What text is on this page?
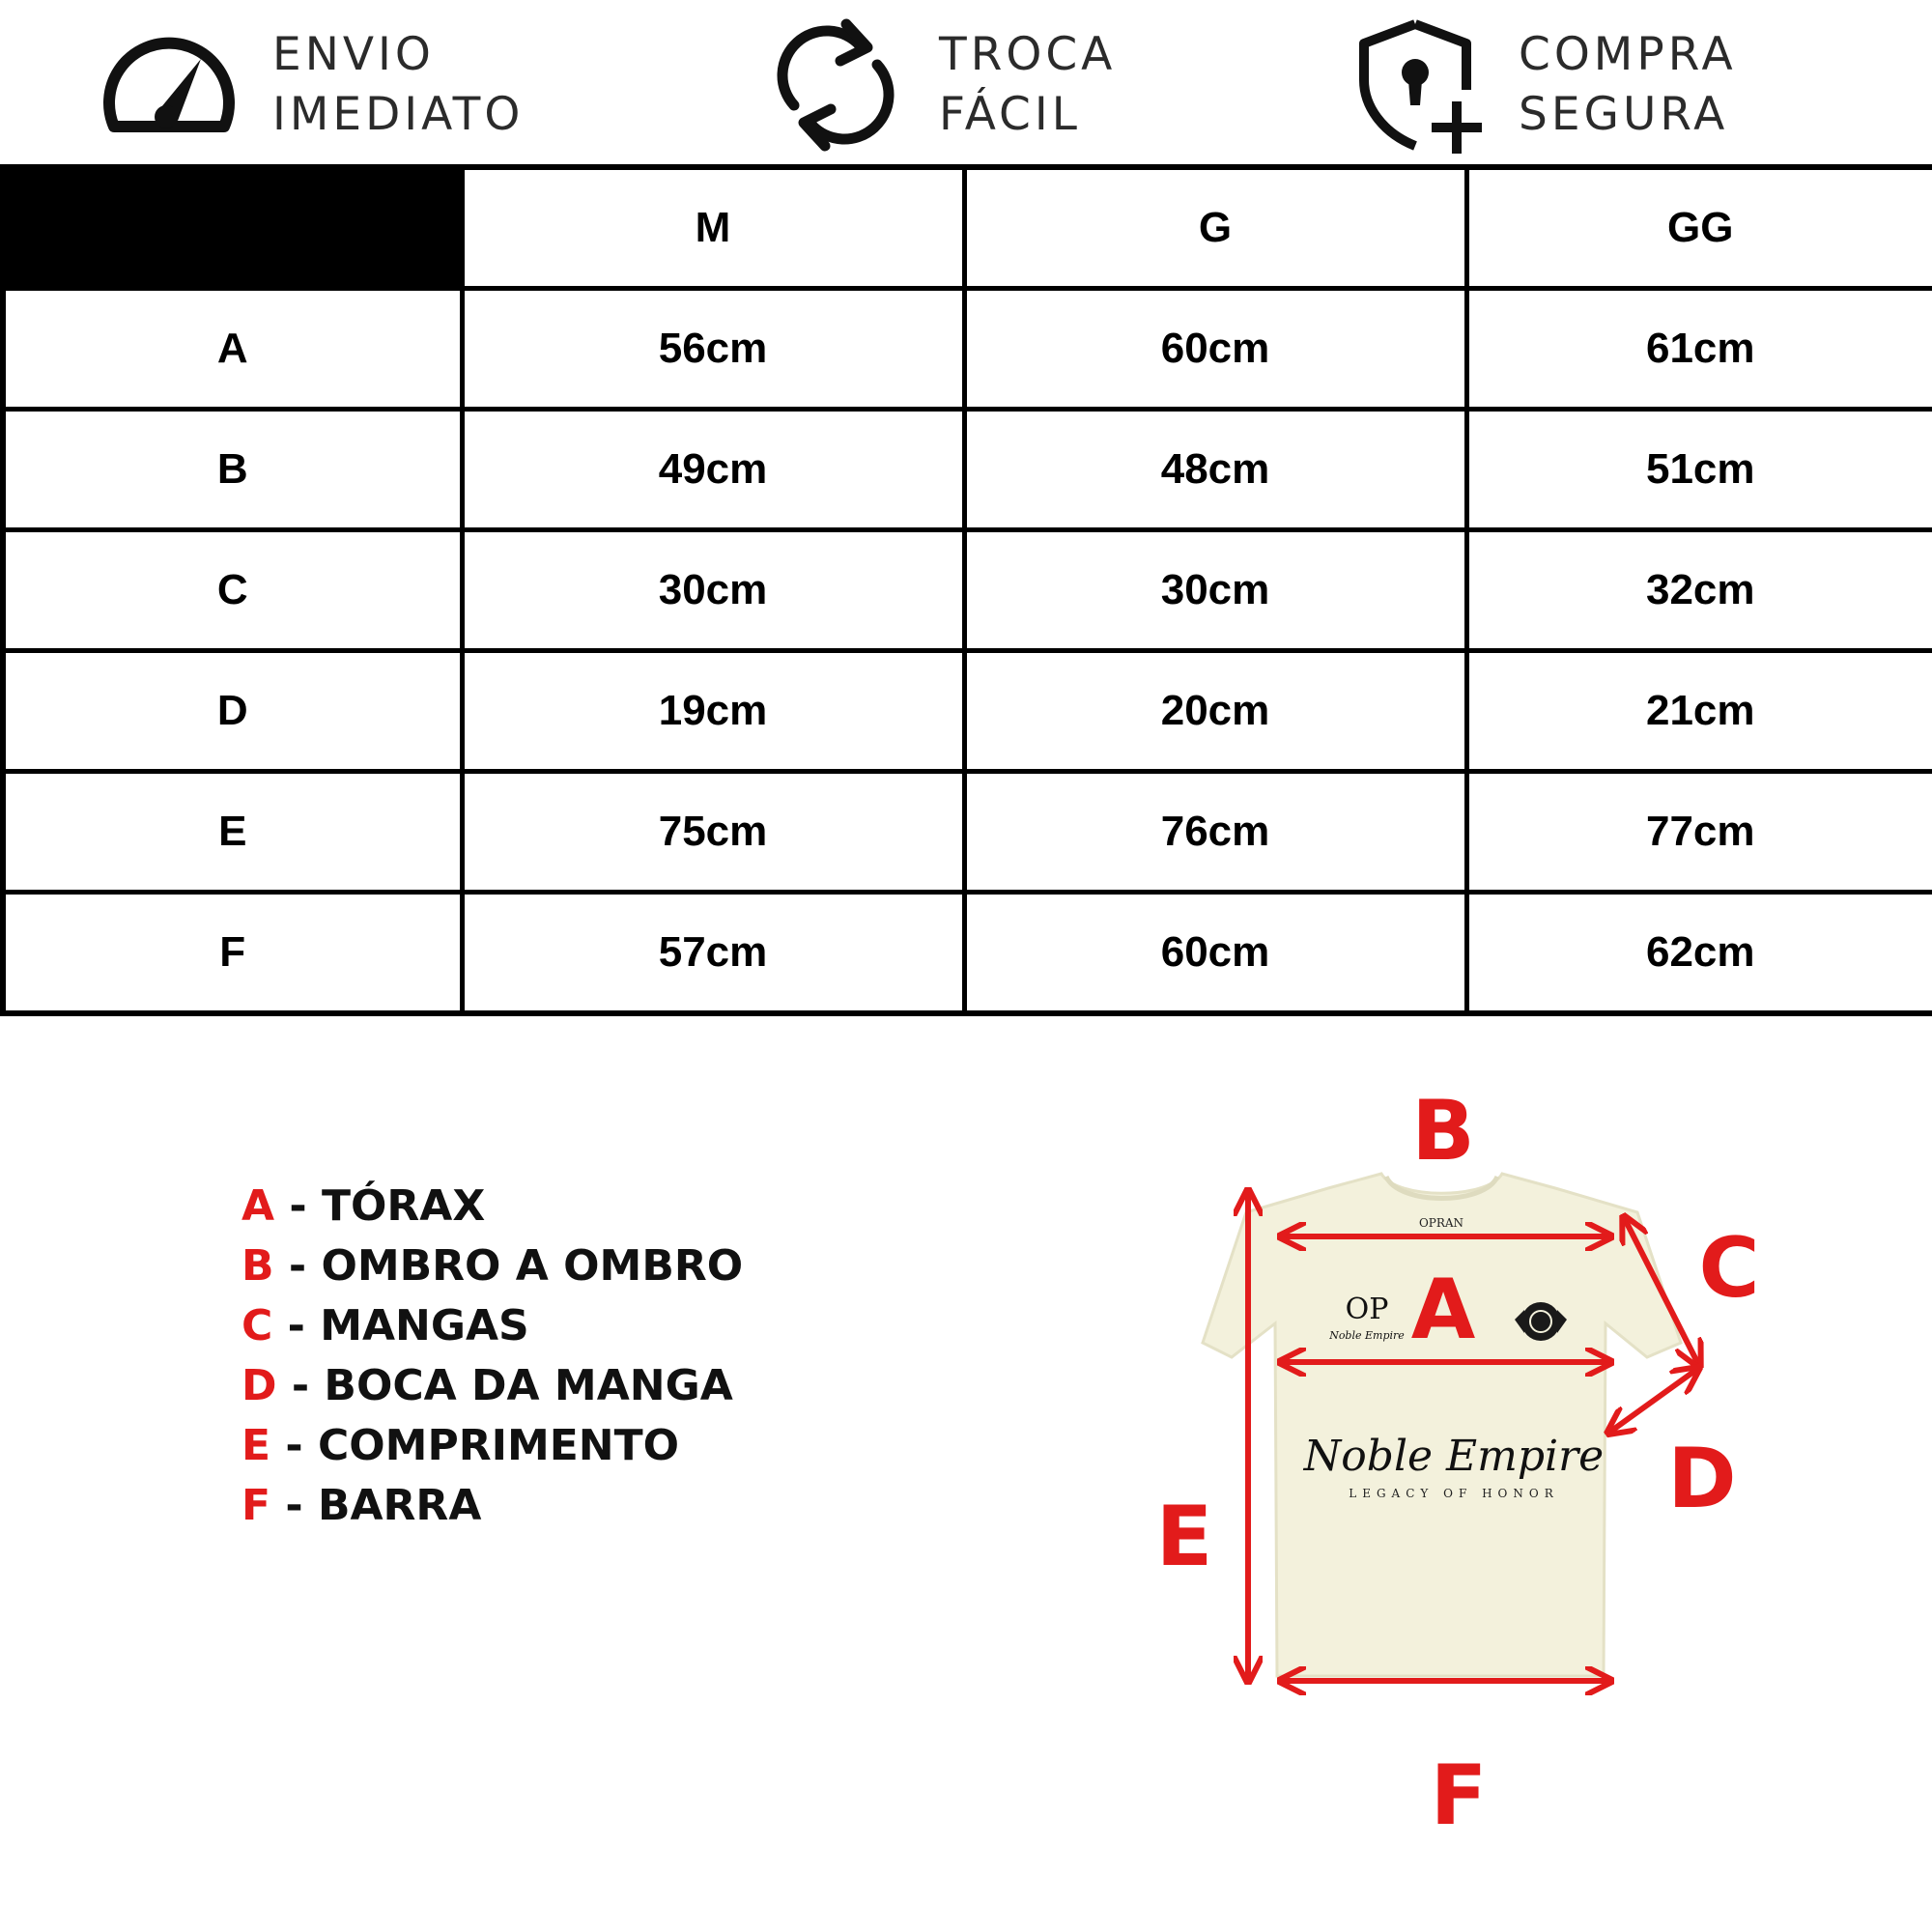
ENVIO
IMEDIATO
TROCA
FÁCIL
COMPRA
SEGURA
	M	G	GG
A	56cm	60cm	61cm
B	49cm	48cm	51cm
C	30cm	30cm	32cm
D	19cm	20cm	21cm
E	75cm	76cm	77cm
F	57cm	60cm	62cm
A - TÓRAX
B - OMBRO A OMBRO
C - MANGAS
D - BOCA DA MANGA
E - COMPRIMENTO
F - BARRA
OPRAN
OP
Noble Empire
Noble Empire
LEGACY OF HONOR
B
A	C
D
E
F
